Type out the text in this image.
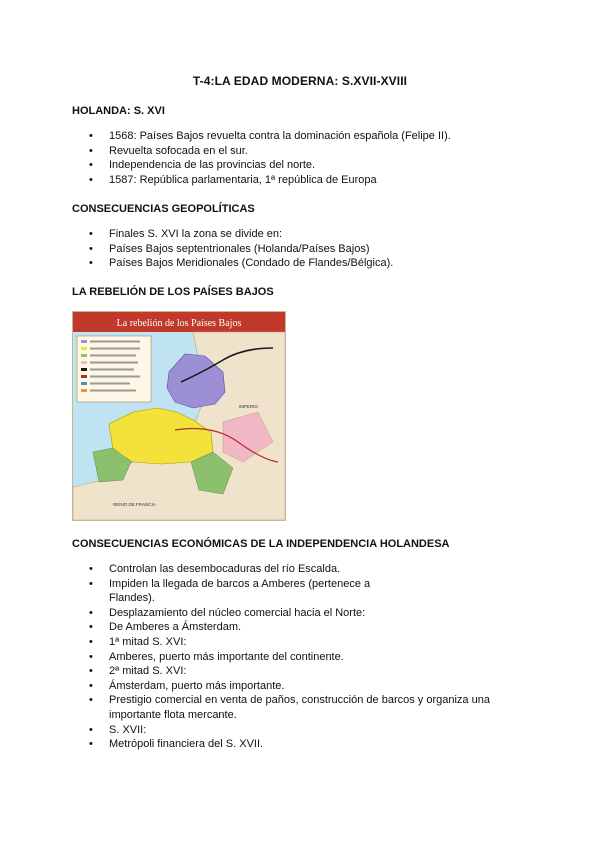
T-4:LA EDAD MODERNA: S.XVII-XVIII
HOLANDA: S. XVI
• 1568: Países Bajos revuelta contra la dominación española (Felipe II).
• Revuelta sofocada en el sur.
• Independencia de las provincias del norte.
• 1587: República parlamentaria, 1ª república de Europa
CONSECUENCIAS GEOPOLÍTICAS
• Finales S. XVI la zona se divide en:
• Países Bajos septentrionales (Holanda/Países Bajos)
• Países Bajos Meridionales (Condado de Flandes/Bélgica).
LA REBELIÓN DE LOS PAÍSES BAJOS
La rebelión de los Países Bajos
IMPERIO
REINO DE FRANCIA
CONSECUENCIAS ECONÓMICAS DE LA INDEPENDENCIA HOLANDESA
• Controlan las desembocaduras del río Escalda.
• Impiden la llegada de barcos a Amberes (pertenece a Flandes).
• Desplazamiento del núcleo comercial hacia el Norte:
• De Amberes a Ámsterdam.
• 1ª mitad S. XVI:
• Amberes, puerto más importante del continente.
• 2ª mitad S. XVI:
• Ámsterdam, puerto más importante.
• Prestigio comercial en venta de paños, construcción de barcos y organiza una importante flota mercante.
• S. XVII:
• Metrópoli financiera del S. XVII.
